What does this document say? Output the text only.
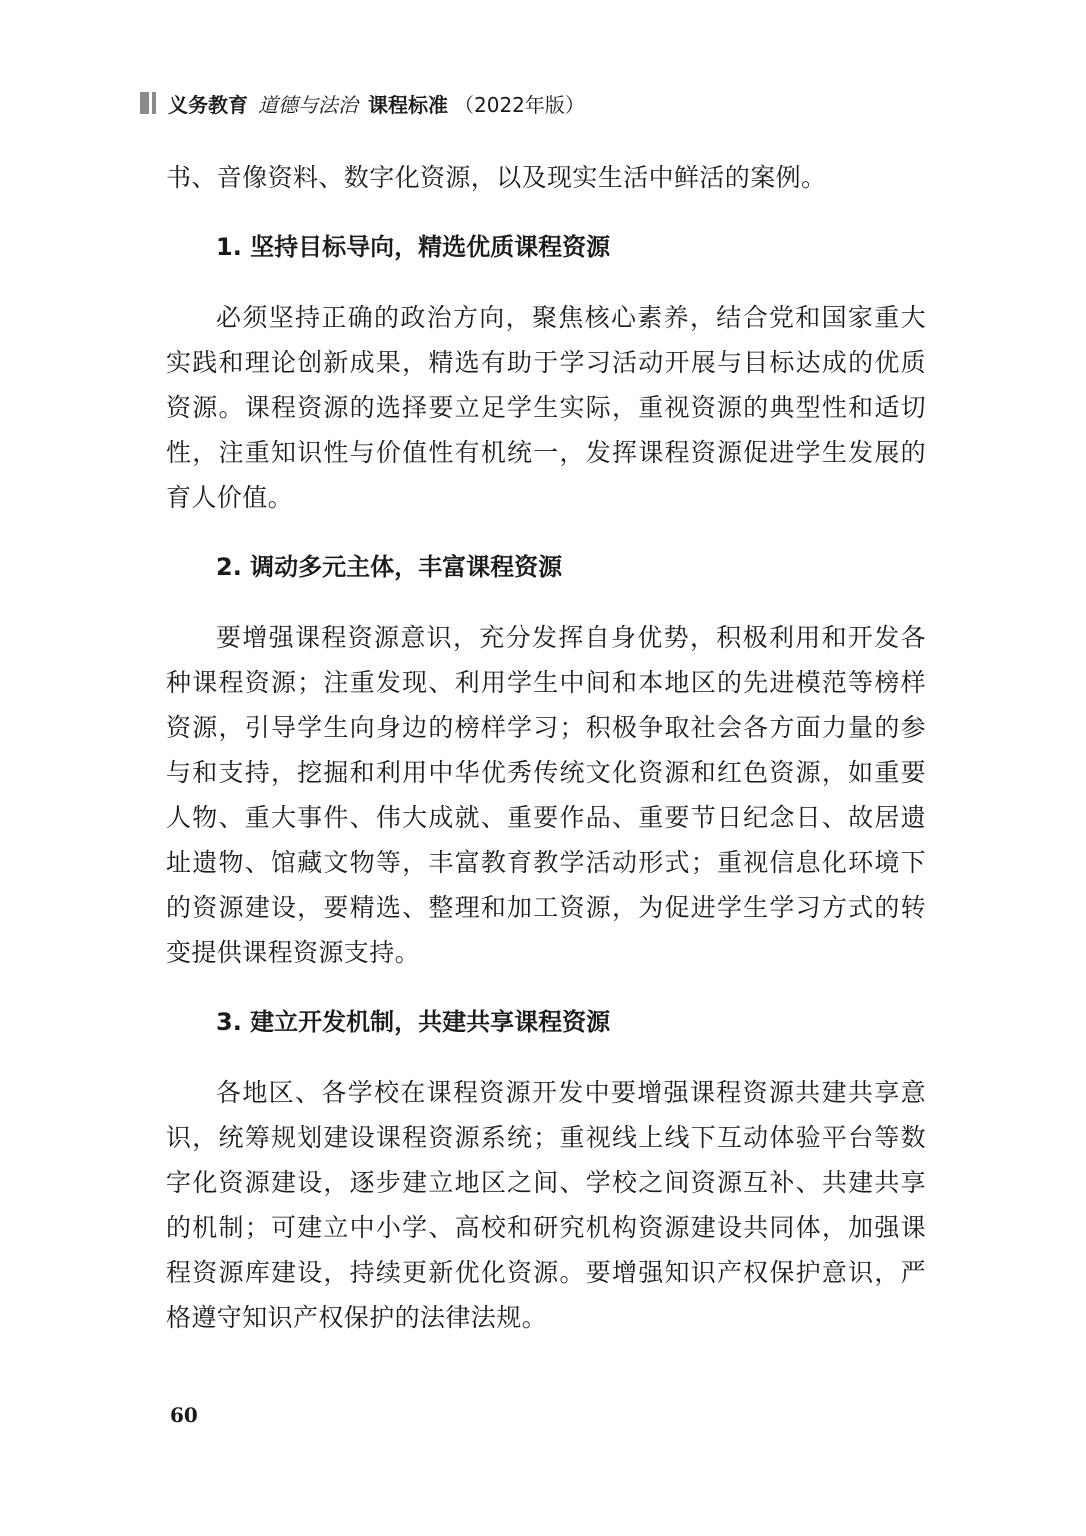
义务教育 道德与法治 课程标准 （2022年版）

书、音像资料、数字化资源，以及现实生活中鲜活的案例。

1. 坚持目标导向，精选优质课程资源

必须坚持正确的政治方向，聚焦核心素养，结合党和国家重大实践和理论创新成果，精选有助于学习活动开展与目标达成的优质资源。课程资源的选择要立足学生实际，重视资源的典型性和适切性，注重知识性与价值性有机统一，发挥课程资源促进学生发展的育人价值。

2. 调动多元主体，丰富课程资源

要增强课程资源意识，充分发挥自身优势，积极利用和开发各种课程资源；注重发现、利用学生中间和本地区的先进模范等榜样资源，引导学生向身边的榜样学习；积极争取社会各方面力量的参与和支持，挖掘和利用中华优秀传统文化资源和红色资源，如重要人物、重大事件、伟大成就、重要作品、重要节日纪念日、故居遗址遗物、馆藏文物等，丰富教育教学活动形式；重视信息化环境下的资源建设，要精选、整理和加工资源，为促进学生学习方式的转变提供课程资源支持。

3. 建立开发机制，共建共享课程资源

各地区、各学校在课程资源开发中要增强课程资源共建共享意识，统筹规划建设课程资源系统；重视线上线下互动体验平台等数字化资源建设，逐步建立地区之间、学校之间资源互补、共建共享的机制；可建立中小学、高校和研究机构资源建设共同体，加强课程资源库建设，持续更新优化资源。要增强知识产权保护意识，严格遵守知识产权保护的法律法规。

60
